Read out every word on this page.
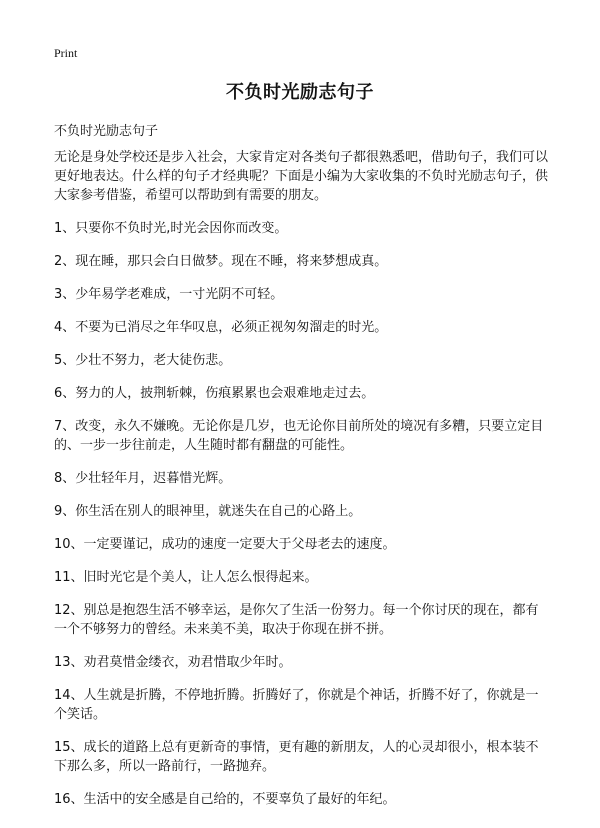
Print
不负时光励志句子

不负时光励志句子

无论是身处学校还是步入社会，大家肯定对各类句子都很熟悉吧，借助句子，我们可以更好地表达。什么样的句子才经典呢？下面是小编为大家收集的不负时光励志句子，供大家参考借鉴，希望可以帮助到有需要的朋友。

1、只要你不负时光,时光会因你而改变。

2、现在睡，那只会白日做梦。现在不睡，将来梦想成真。

3、少年易学老难成，一寸光阴不可轻。

4、不要为已消尽之年华叹息，必须正视匆匆溜走的时光。

5、少壮不努力，老大徒伤悲。

6、努力的人，披荆斩棘，伤痕累累也会艰难地走过去。

7、改变，永久不嫌晚。无论你是几岁，也无论你目前所处的境况有多糟，只要立定目的、一步一步往前走，人生随时都有翻盘的可能性。

8、少壮轻年月，迟暮惜光辉。

9、你生活在别人的眼神里，就迷失在自己的心路上。

10、一定要谨记，成功的速度一定要大于父母老去的速度。

11、旧时光它是个美人，让人怎么恨得起来。

12、别总是抱怨生活不够幸运，是你欠了生活一份努力。每一个你讨厌的现在，都有一个不够努力的曾经。未来美不美，取决于你现在拼不拼。

13、劝君莫惜金缕衣，劝君惜取少年时。

14、人生就是折腾，不停地折腾。折腾好了，你就是个神话，折腾不好了，你就是一个笑话。

15、成长的道路上总有更新奇的事情，更有趣的新朋友，人的心灵却很小，根本装不下那么多，所以一路前行，一路抛弃。

16、生活中的安全感是自己给的，不要辜负了最好的年纪。
